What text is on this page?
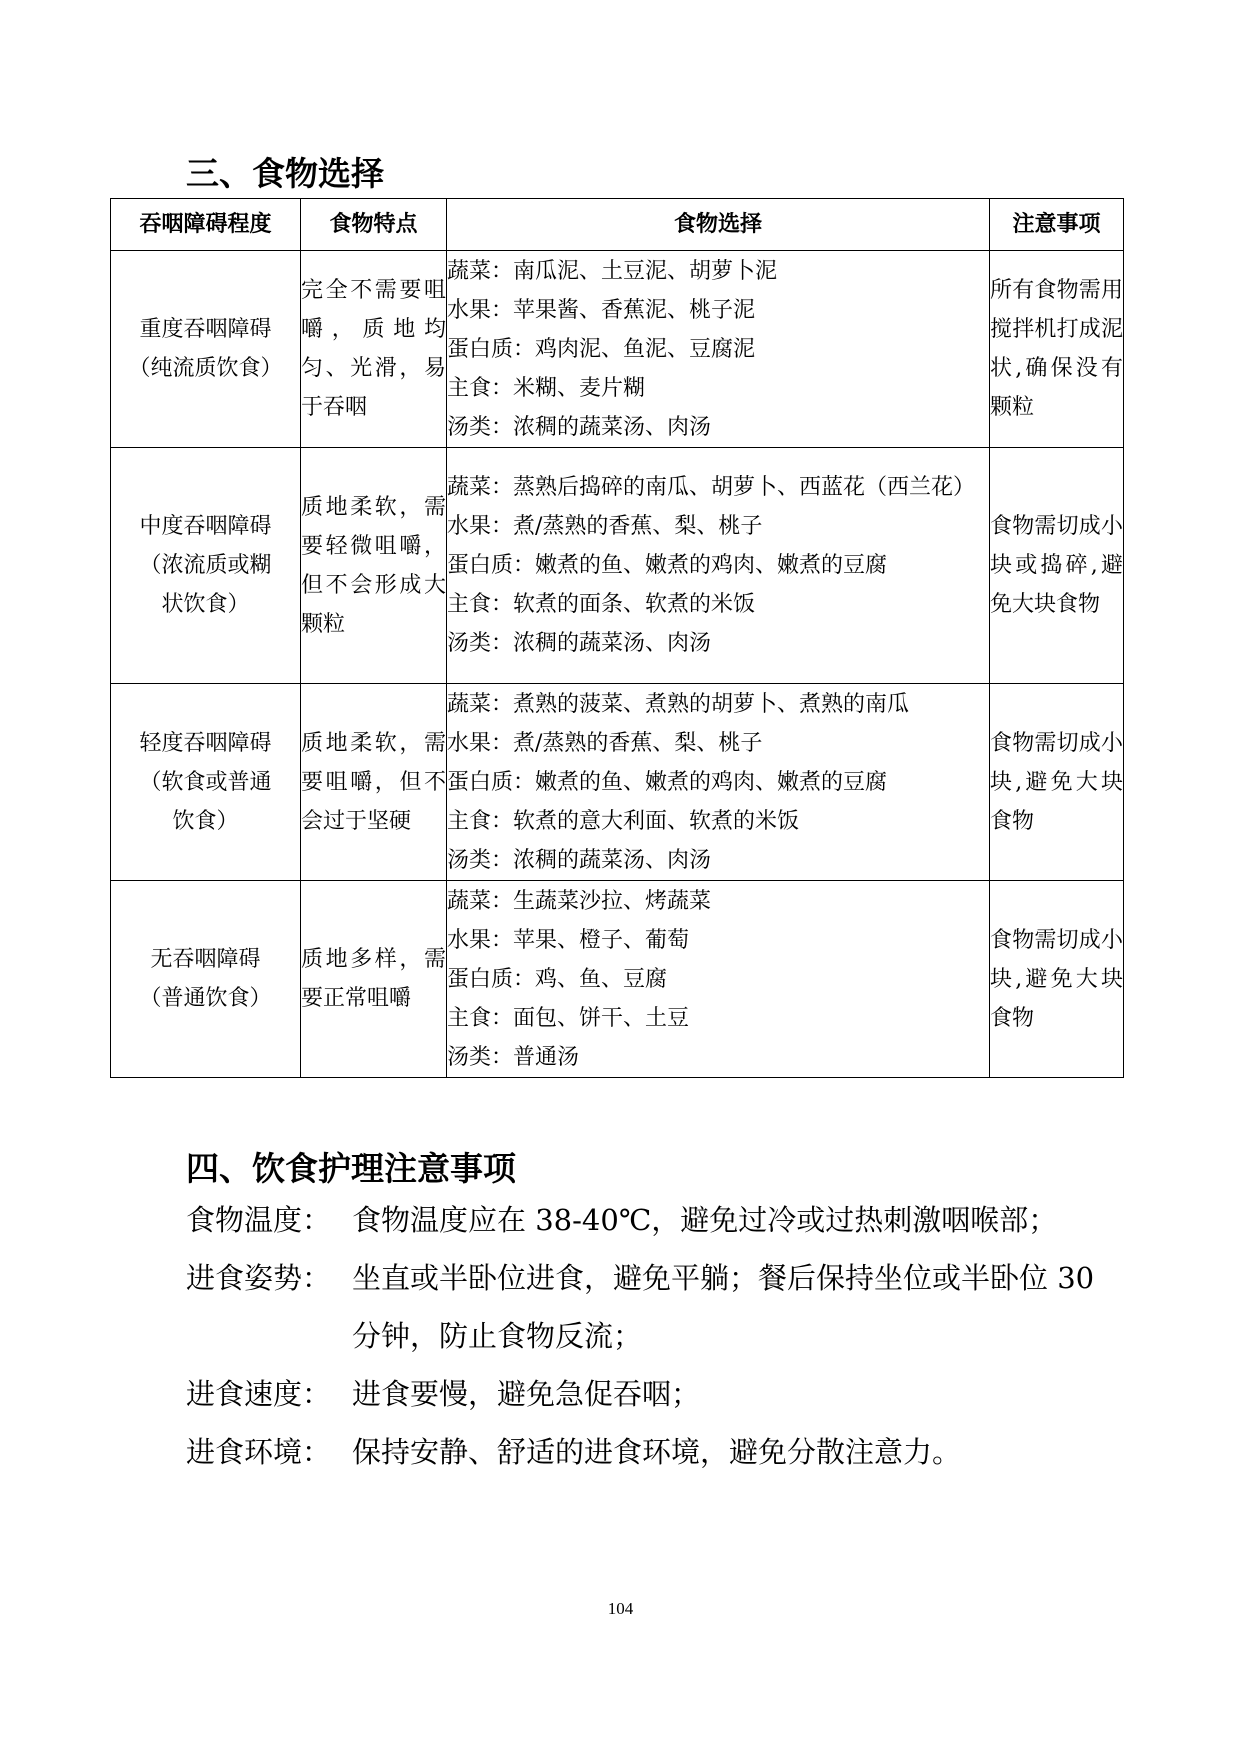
三、食物选择
吞咽障碍程度	食物特点	食物选择	注意事项

重度吞咽障碍
（纯流质饮食）	完全不需要咀嚼，质地均匀、光滑，易于吞咽	蔬菜：南瓜泥、土豆泥、胡萝卜泥
水果：苹果酱、香蕉泥、桃子泥
蛋白质：鸡肉泥、鱼泥、豆腐泥
主食：米糊、麦片糊
汤类：浓稠的蔬菜汤、肉汤	所有食物需用搅拌机打成泥状,确保没有颗粒

中度吞咽障碍
（浓流质或糊
状饮食）	质地柔软，需要轻微咀嚼，但不会形成大颗粒	蔬菜：蒸熟后捣碎的南瓜、胡萝卜、西蓝花（西兰花）
水果：煮/蒸熟的香蕉、梨、桃子
蛋白质：嫩煮的鱼、嫩煮的鸡肉、嫩煮的豆腐
主食：软煮的面条、软煮的米饭
汤类：浓稠的蔬菜汤、肉汤	食物需切成小块或捣碎,避免大块食物

轻度吞咽障碍
（软食或普通
饮食）	质地柔软，需要咀嚼，但不会过于坚硬	蔬菜：煮熟的菠菜、煮熟的胡萝卜、煮熟的南瓜
水果：煮/蒸熟的香蕉、梨、桃子
蛋白质：嫩煮的鱼、嫩煮的鸡肉、嫩煮的豆腐
主食：软煮的意大利面、软煮的米饭
汤类：浓稠的蔬菜汤、肉汤	食物需切成小块,避免大块食物

无吞咽障碍
（普通饮食）	质地多样，需要正常咀嚼	蔬菜：生蔬菜沙拉、烤蔬菜
水果：苹果、橙子、葡萄
蛋白质：鸡、鱼、豆腐
主食：面包、饼干、土豆
汤类：普通汤	食物需切成小块,避免大块食物
四、饮食护理注意事项
食物温度： 食物温度应在 38-40℃，避免过冷或过热刺激咽喉部；
进食姿势： 坐直或半卧位进食，避免平躺；餐后保持坐位或半卧位 30 分钟，防止食物反流；
进食速度： 进食要慢，避免急促吞咽；
进食环境： 保持安静、舒适的进食环境，避免分散注意力。
104
